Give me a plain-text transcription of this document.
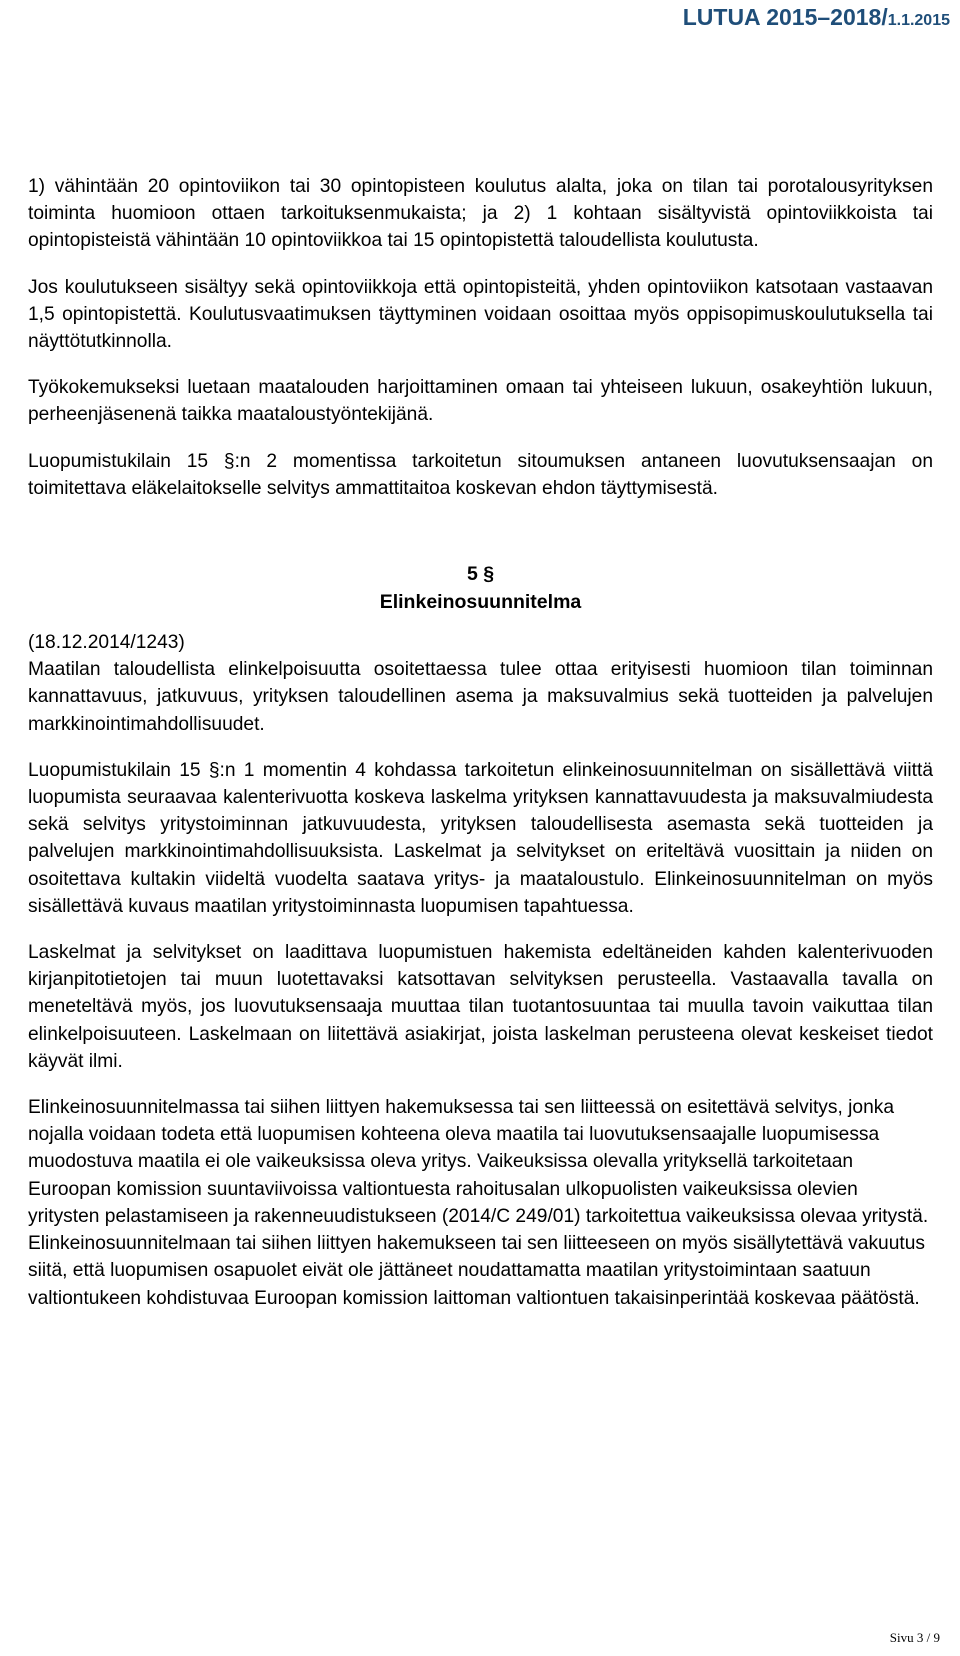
LUTUA 2015–2018/1.1.2015

1) vähintään 20 opintoviikon tai 30 opintopisteen koulutus alalta, joka on tilan tai porotalousyrityksen toiminta huomioon ottaen tarkoituksenmukaista; ja 2) 1 kohtaan sisältyvistä opintoviikkoista tai opintopisteistä vähintään 10 opintoviikkoa tai 15 opintopistettä taloudellista koulutusta.

Jos koulutukseen sisältyy sekä opintoviikkoja että opintopisteitä, yhden opintoviikon katsotaan vastaavan 1,5 opintopistettä. Koulutusvaatimuksen täyttyminen voidaan osoittaa myös oppisopimuskoulutuksella tai näyttötutkinnolla.

Työkokemukseksi luetaan maatalouden harjoittaminen omaan tai yhteiseen lukuun, osakeyhtiön lukuun, perheenjäsenenä taikka maataloustyöntekijänä.

Luopumistukilain 15 §:n 2 momentissa tarkoitetun sitoumuksen antaneen luovutuksensaajan on toimitettava eläkelaitokselle selvitys ammattitaitoa koskevan ehdon täyttymisestä.

5 §
Elinkeinosuunnitelma
(18.12.2014/1243)

Maatilan taloudellista elinkelpoisuutta osoitettaessa tulee ottaa erityisesti huomioon tilan toiminnan kannattavuus, jatkuvuus, yrityksen taloudellinen asema ja maksuvalmius sekä tuotteiden ja palvelujen markkinointimahdollisuudet.

Luopumistukilain 15 §:n 1 momentin 4 kohdassa tarkoitetun elinkeinosuunnitelman on sisällettävä viittä luopumista seuraavaa kalenterivuotta koskeva laskelma yrityksen kannattavuudesta ja maksuvalmiudesta sekä selvitys yritystoiminnan jatkuvuudesta, yrityksen taloudellisesta asemasta sekä tuotteiden ja palvelujen markkinointimahdollisuuksista. Laskelmat ja selvitykset on eriteltävä vuosittain ja niiden on osoitettava kultakin viideltä vuodelta saatava yritys- ja maataloustulo. Elinkeinosuunnitelman on myös sisällettävä kuvaus maatilan yritystoiminnasta luopumisen tapahtuessa.

Laskelmat ja selvitykset on laadittava luopumistuen hakemista edeltäneiden kahden kalenterivuoden kirjanpitotietojen tai muun luotettavaksi katsottavan selvityksen perusteella. Vastaavalla tavalla on meneteltävä myös, jos luovutuksensaaja muuttaa tilan tuotantosuuntaa tai muulla tavoin vaikuttaa tilan elinkelpoisuuteen. Laskelmaan on liitettävä asiakirjat, joista laskelman perusteena olevat keskeiset tiedot käyvät ilmi.

Elinkeinosuunnitelmassa tai siihen liittyen hakemuksessa tai sen liitteessä on esitettävä selvitys, jonka nojalla voidaan todeta että luopumisen kohteena oleva maatila tai luovutuksensaajalle luopumisessa muodostuva maatila ei ole vaikeuksissa oleva yritys. Vaikeuksissa olevalla yrityksellä tarkoitetaan Euroopan komission suuntaviivoissa valtiontuesta rahoitusalan ulkopuolisten vaikeuksissa olevien yritysten pelastamiseen ja rakenneuudistukseen (2014/C 249/01) tarkoitettua vaikeuksissa olevaa yritystä. Elinkeinosuunnitelmaan tai siihen liittyen hakemukseen tai sen liitteeseen on myös sisällytettävä vakuutus siitä, että luopumisen osapuolet eivät ole jättäneet noudattamatta maatilan yritystoimintaan saatuun valtiontukeen kohdistuvaa Euroopan komission laittoman valtiontuen takaisinperintää koskevaa päätöstä.

Sivu 3 / 9
